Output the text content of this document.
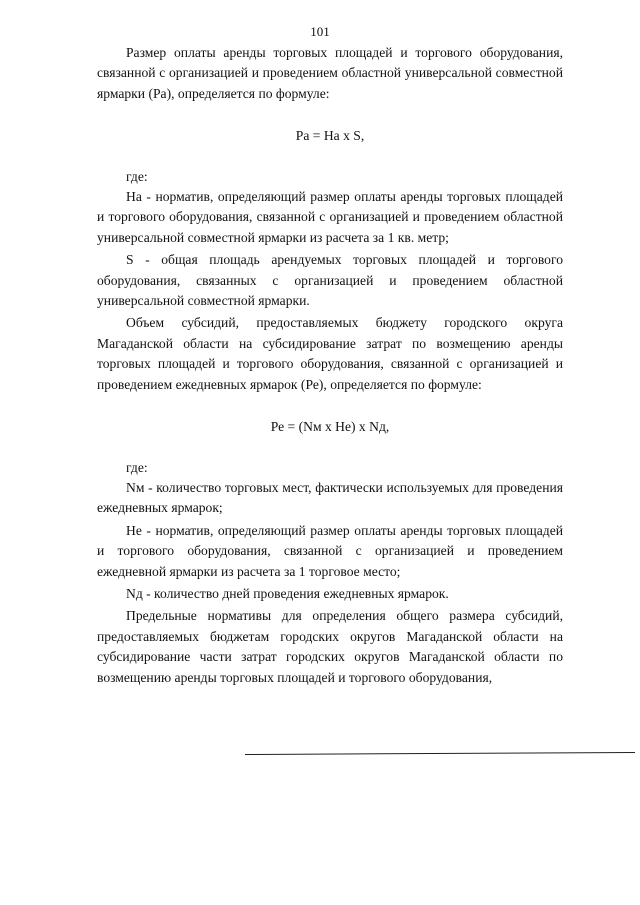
101

Размер оплаты аренды торговых площадей и торгового оборудования, связанной с организацией и проведением областной универсальной совместной ярмарки (Ра), определяется по формуле:

Ра = На х S,

где:

На - норматив, определяющий размер оплаты аренды торговых площадей и торгового оборудования, связанной с организацией и проведением областной универсальной совместной ярмарки из расчета за 1 кв. метр;

S - общая площадь арендуемых торговых площадей и торгового оборудования, связанных с организацией и проведением областной универсальной совместной ярмарки.

Объем субсидий, предоставляемых бюджету городского округа Магаданской области на субсидирование затрат по возмещению аренды торговых площадей и торгового оборудования, связанной с организацией и проведением ежедневных ярмарок (Ре), определяется по формуле:

Ре = (Nм х Не) х Nд,

где:

Nм - количество торговых мест, фактически используемых для проведения ежедневных ярмарок;

Не - норматив, определяющий размер оплаты аренды торговых площадей и торгового оборудования, связанной с организацией и проведением ежедневной ярмарки из расчета за 1 торговое место;

Nд - количество дней проведения ежедневных ярмарок.

Предельные нормативы для определения общего размера субсидий, предоставляемых бюджетам городских округов Магаданской области на субсидирование части затрат городских округов Магаданской области по возмещению аренды торговых площадей и торгового оборудования,
